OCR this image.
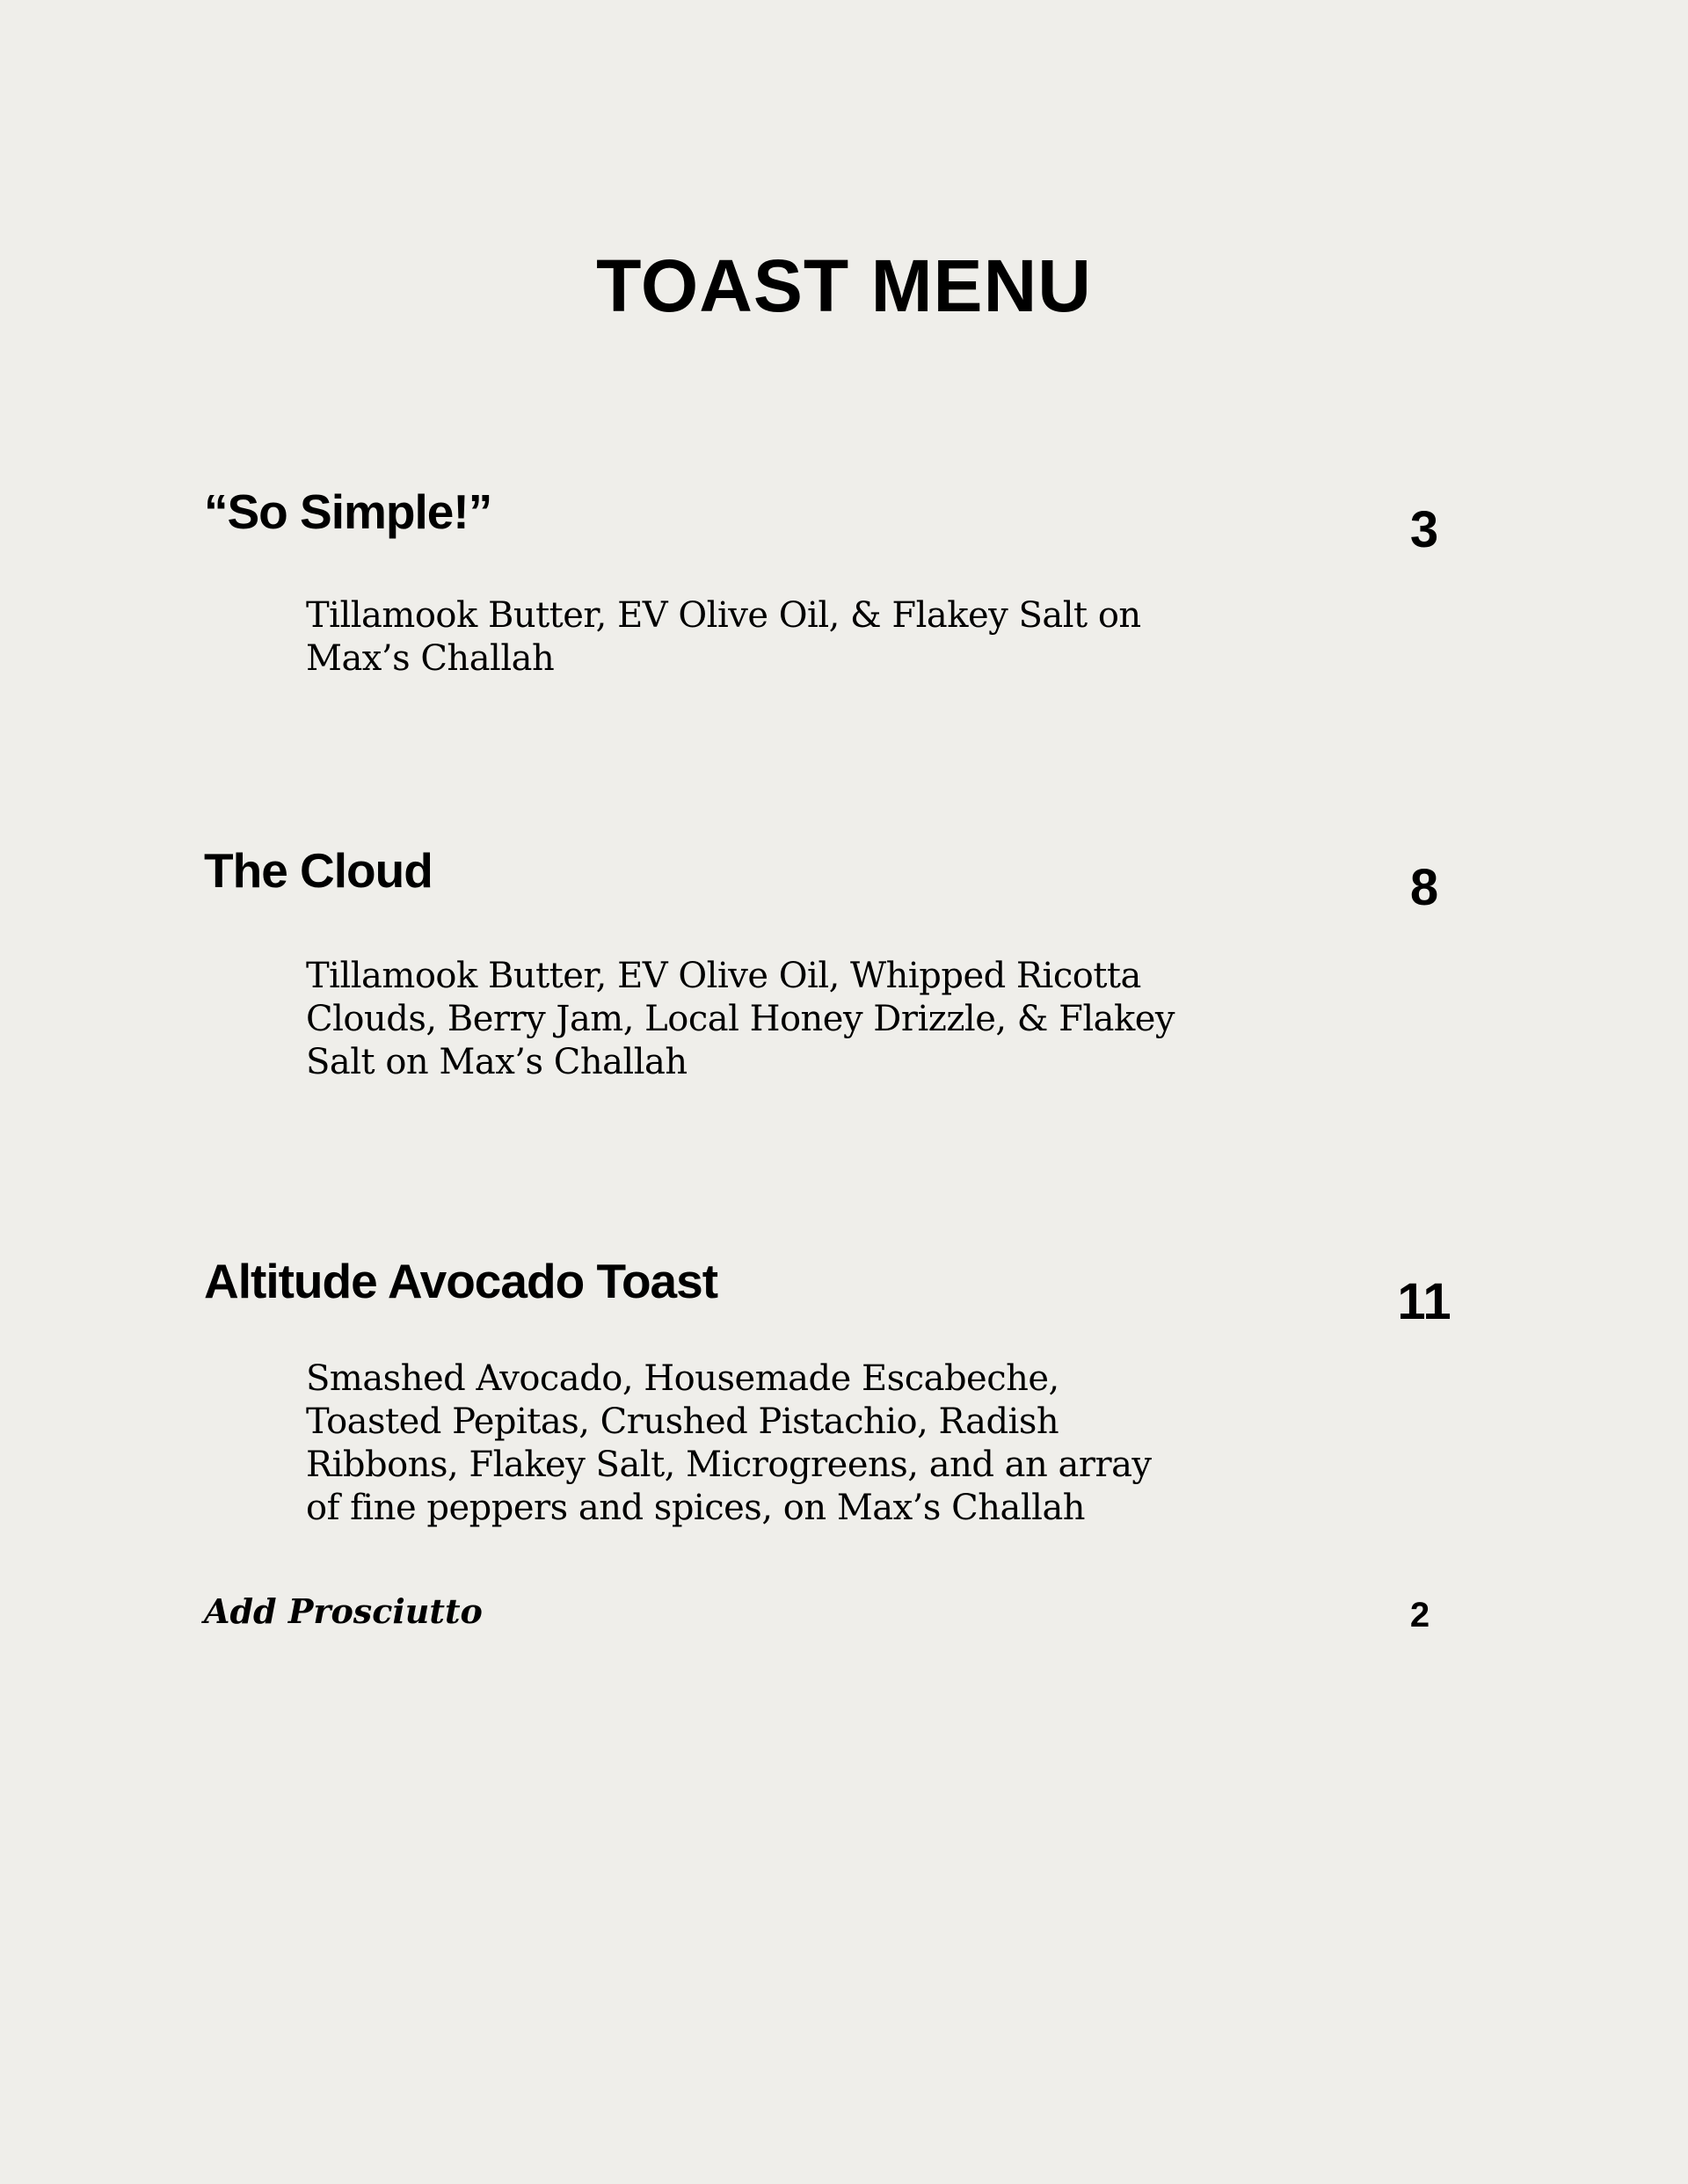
TOAST MENU
“So Simple!”	3
Tillamook Butter, EV Olive Oil, & Flakey Salt on Max’s Challah
The Cloud	8
Tillamook Butter, EV Olive Oil, Whipped Ricotta Clouds, Berry Jam, Local Honey Drizzle, & Flakey Salt on Max’s Challah
Altitude Avocado Toast	11
Smashed Avocado, Housemade Escabeche, Toasted Pepitas, Crushed Pistachio, Radish Ribbons, Flakey Salt, Microgreens, and an array of fine peppers and spices, on Max’s Challah
Add Prosciutto	2
